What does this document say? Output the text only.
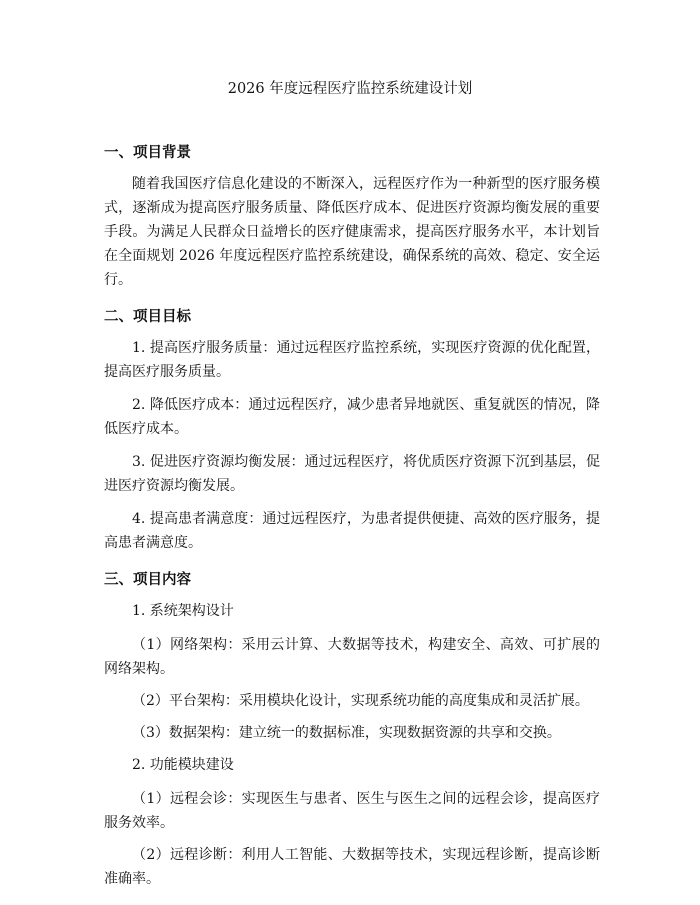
2026 年度远程医疗监控系统建设计划
一、项目背景

随着我国医疗信息化建设的不断深入，远程医疗作为一种新型的医疗服务模式，逐渐成为提高医疗服务质量、降低医疗成本、促进医疗资源均衡发展的重要手段。为满足人民群众日益增长的医疗健康需求，提高医疗服务水平，本计划旨在全面规划 2026 年度远程医疗监控系统建设，确保系统的高效、稳定、安全运行。

二、项目目标

1. 提高医疗服务质量：通过远程医疗监控系统，实现医疗资源的优化配置，提高医疗服务质量。

2. 降低医疗成本：通过远程医疗，减少患者异地就医、重复就医的情况，降低医疗成本。

3. 促进医疗资源均衡发展：通过远程医疗，将优质医疗资源下沉到基层，促进医疗资源均衡发展。

4. 提高患者满意度：通过远程医疗，为患者提供便捷、高效的医疗服务，提高患者满意度。

三、项目内容

1. 系统架构设计

（1）网络架构：采用云计算、大数据等技术，构建安全、高效、可扩展的网络架构。

（2）平台架构：采用模块化设计，实现系统功能的高度集成和灵活扩展。

（3）数据架构：建立统一的数据标准，实现数据资源的共享和交换。

2. 功能模块建设

（1）远程会诊：实现医生与患者、医生与医生之间的远程会诊，提高医疗服务效率。

（2）远程诊断：利用人工智能、大数据等技术，实现远程诊断，提高诊断准确率。
